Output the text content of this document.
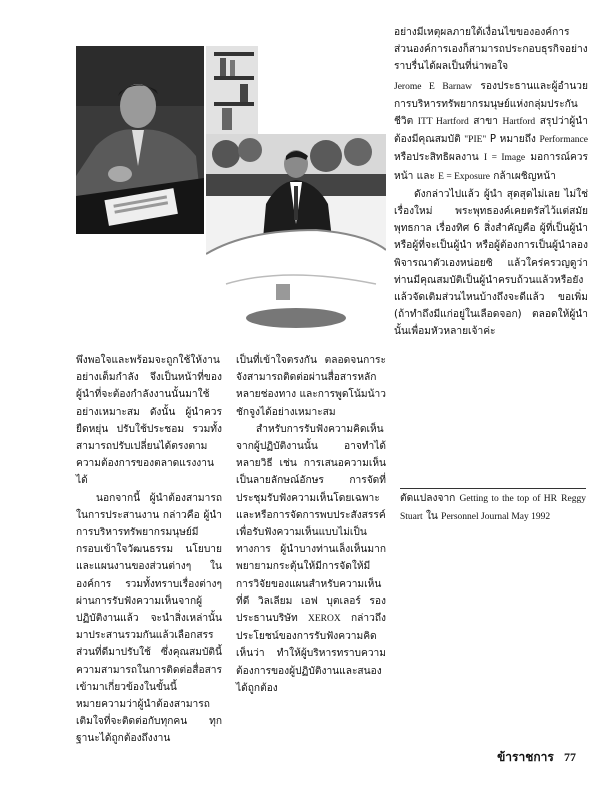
อย่างมีเหตุผลภายใต้เงื่อนไขขององค์การส่วนองค์การเองก็สามารถประกอบธุรกิจอย่างราบรื่นได้ผลเป็นที่น่าพอใจ

Jerome E Barnaw รองประธานและผู้อำนวยการบริหารทรัพยากรมนุษย์แห่งกลุ่มประกันชีวิต ITT Hartford สาขา Hartford สรุปว่าผู้นำต้องมีคุณสมบัติ "PIE" P หมายถึง Performance หรือประสิทธิผลงาน I = Image มอการณ์ควรหน้า และ E = Exposure กล้าเผชิญหน้า

ดังกล่าวไปแล้ว ผู้นำ สุดสุดไม่เลย ไม่ใช่เรื่องใหม่ พระพุทธองค์เคยตรัสไว้แต่สมัยพุทธกาล เรื่องทิศ 6 สิ่งสำคัญคือ ผู้ที่เป็นผู้นำ หรือผู้ที่จะเป็นผู้นำ หรือผู้ต้องการเป็นผู้นำลองพิจารณาตัวเองหน่อยซิ แล้วใคร่ครวญดูว่าท่านมีคุณสมบัติเป็นผู้นำครบถ้วนแล้วหรือยัง แล้วจัดเติมส่วนไหนบ้างถึงจะดีแล้ว ขอเพิ่ม (ถ้าทำถึงมีแก่อยู่ในเลือดจอก) ตลอดให้ผู้นำนั้นเพื่อมหัวหลายเจ้าค่ะ

ตัดแปลงจาก Getting to the top of HR Reggy Stuart ใน Personnel Journal May 1992

พึงพอใจและพร้อมจะถูกใช้ให้งานอย่างเต็มกำลัง จึงเป็นหน้าที่ของผู้นำที่จะต้องกำลังงานนั้นมาใช้อย่างเหมาะสม ดังนั้น ผู้นำควรยืดหยุ่น ปรับใช้ประชอม รวมทั้งสามารถปรับเปลี่ยนได้ตรงตามความต้องการของตลาดแรงงานได้

นอกจากนี้ ผู้นำต้องสามารถในการประสานงาน กล่าวคือ ผู้นำการบริหารทรัพยากรมนุษย์มีกรอบเข้าใจวัฒนธรรม นโยบาย และแผนงานของส่วนต่างๆ ในองค์การ รวมทั้งทราบเรื่องต่างๆ ผ่านการรับฟังความเห็นจากผู้ปฏิบัติงานแล้ว จะนำสิ่งเหล่านั้นมาประสานรวมกันแล้วเลือกสรรส่วนที่ดีมาปรับใช้ ซึ่งคุณสมบัตินี้ความสามารถในการติดต่อสื่อสารเข้ามาเกี่ยวข้องในขั้นนี้ หมายความว่าผู้นำต้องสามารถเติมใจที่จะติดต่อกับทุกคน ทุกฐานะได้ถูกต้องถึงงาน

เป็นที่เข้าใจตรงกัน ตลอดจนการะจังสามารถติดต่อผ่านสื่อสารหลักหลายช่องทาง และการพูดโน้มน้าวชักจูงได้อย่างเหมาะสม

สำหรับการรับฟังความคิดเห็นจากผู้ปฏิบัติงานนั้น อาจทำได้หลายวิธี เช่น การเสนอความเห็นเป็นลายลักษณ์อักษร การจัดที่ประชุมรับฟังความเห็นโดยเฉพาะ และหรือการจัดการพบประสังสรรค์เพื่อรับฟังความเห็นแบบไม่เป็นทางการ ผู้นำบางท่านเล็งเห็นมากพยายามกระตุ้นให้มีการจัดให้มีการวิจัยของแผนสำหรับความเห็นที่ดี วิลเลียม เอฟ บุตเลอร์ รองประธานบริษัท XEROX กล่าวถึงประโยชน์ของการรับฟังความคิดเห็นว่า ทำให้ผู้บริหารทราบความต้องการของผู้ปฏิบัติงานและสนองได้ถูกต้อง

ข้าราชการ 77
